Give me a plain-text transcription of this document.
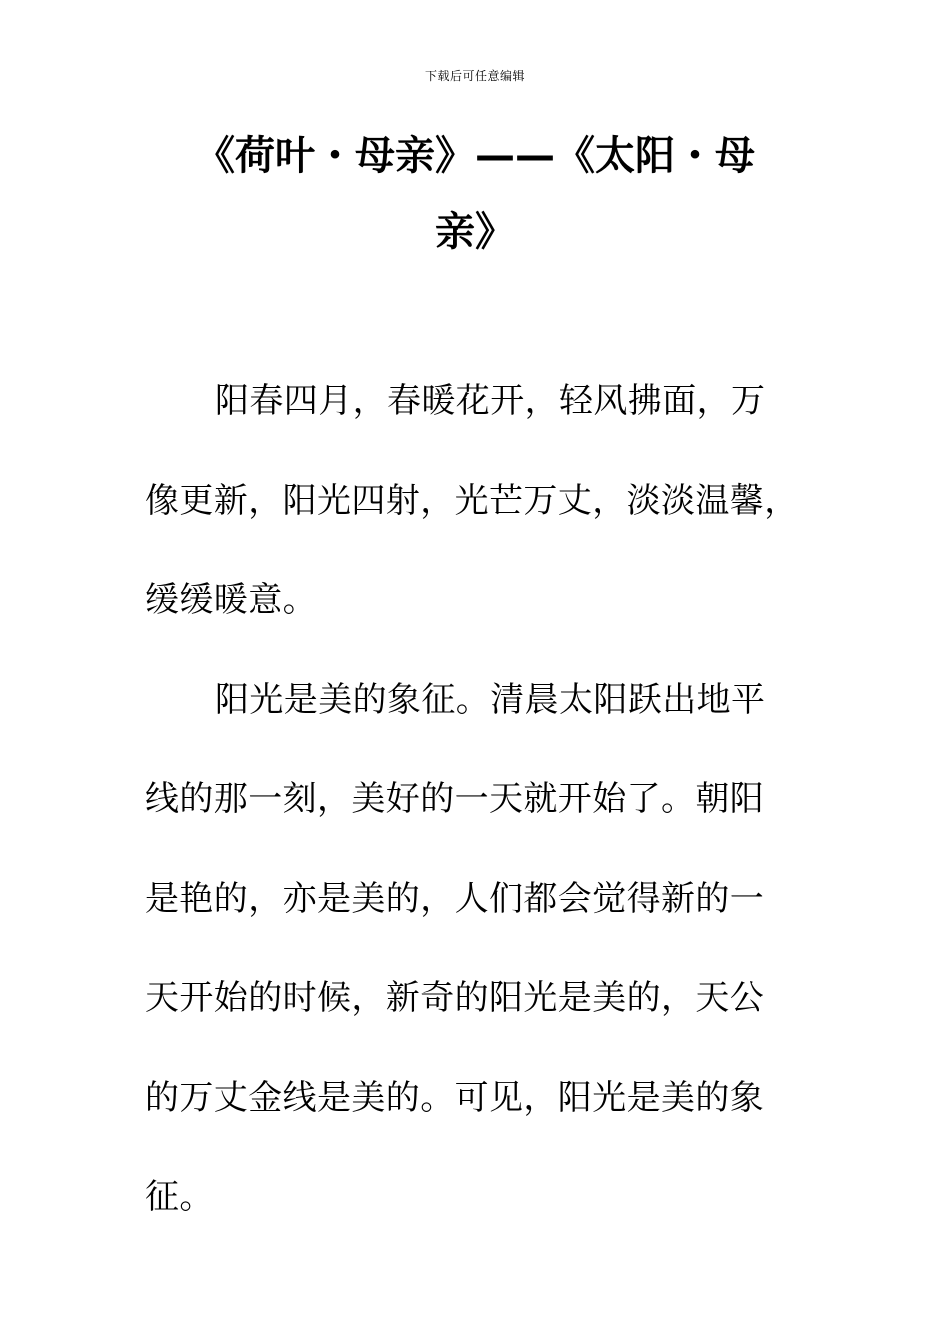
下载后可任意编辑
《荷叶・母亲》——《太阳・母
亲》
阳春四月，春暖花开，轻风拂面，万
像更新，阳光四射，光芒万丈，淡淡温馨，
缓缓暖意。
阳光是美的象征。清晨太阳跃出地平
线的那一刻，美好的一天就开始了。朝阳
是艳的，亦是美的，人们都会觉得新的一
天开始的时候，新奇的阳光是美的，天公
的万丈金线是美的。可见，阳光是美的象
征。
